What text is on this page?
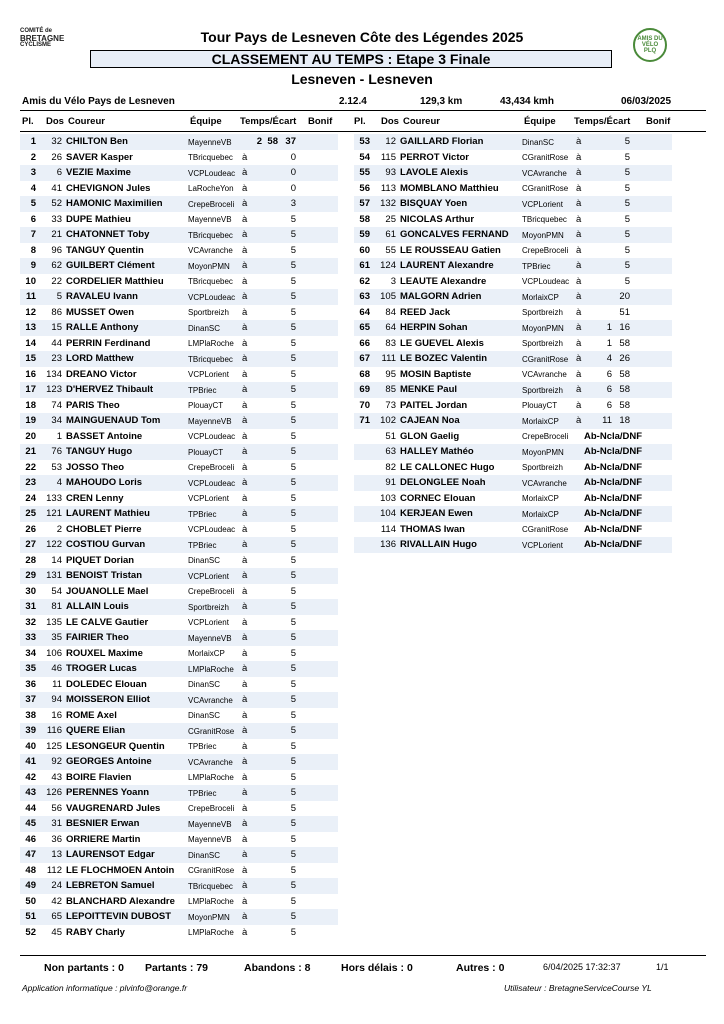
COMITÉ de
BRETAGNE
CYCLISME
AMIS DU VÉLO PLQ
Tour Pays de Lesneven Côte des Légendes 2025
CLASSEMENT AU TEMPS : Etape 3 Finale
Lesneven - Lesneven
Amis du Vélo Pays de Lesneven	2.12.4	129,3 km	43,434 kmh	06/03/2025
Pl. Dos Coureur	Équipe Temps/Écart Bonif Pl. Dos Coureur	Équipe Temps/Écart Bonif
1	32 CHILTON Ben	MayenneVB	2 58 37
2	26 SAVER Kasper	TBricquebec à	0
3	6 VEZIE Maxime	VCPLoudeac à	0
4	41 CHEVIGNON Jules	LaRocheYon à	0
5	52 HAMONIC Maximilien	CrepeBroceli à	3
6	33 DUPE Mathieu	MayenneVB à	5
7	21 CHATONNET Toby	TBricquebec à	5
8	96 TANGUY Quentin	VCAvranche à	5
9	62 GUILBERT Clément	MoyonPMN à	5
10	22 CORDELIER Matthieu	TBricquebec à	5
11	5 RAVALEU Ivann	VCPLoudeac à	5
12	86 MUSSET Owen	Sportbreizh à	5
13	15 RALLE Anthony	DinanSC à	5
14	44 PERRIN Ferdinand	LMPlaRoche à	5
15	23 LORD Matthew	TBricquebec à	5
16	134 DREANO Victor	VCPLorient à	5
17	123 D'HERVEZ Thibault	TPBriec	à	5
18	74 PARIS Theo	PlouayCT à	5
19	34 MAINGUENAUD Tom	MayenneVB à	5
20	1 BASSET Antoine	VCPLoudeac à	5
21	76 TANGUY Hugo	PlouayCT à	5
22	53 JOSSO Theo	CrepeBroceli à	5
23	4 MAHOUDO Loris	VCPLoudeac à	5
24	133 CREN Lenny	VCPLorient à	5
25	121 LAURENT Mathieu	TPBriec	à	5
26	2 CHOBLET Pierre	VCPLoudeac à	5
27	122 COSTIOU Gurvan	TPBriec	à	5
28	14 PIQUET Dorian	DinanSC à	5
29	131 BENOIST Tristan	VCPLorient à	5
30	54 JOUANOLLE Mael	CrepeBroceli à	5
31	81 ALLAIN Louis	Sportbreizh à	5
32	135 LE CALVE Gautier	VCPLorient à	5
33	35 FAIRIER Theo	MayenneVB à	5
34	106 ROUXEL Maxime	MorlaixCP à	5
35	46 TROGER Lucas	LMPlaRoche à	5
36	11 DOLEDEC Elouan	DinanSC à	5
37	94 MOISSERON Elliot	VCAvranche à	5
38	16 ROME Axel	DinanSC à	5
39	116 QUERE Elian	CGranitRose à	5
40	125 LESONGEUR Quentin	TPBriec	à	5
41	92 GEORGES Antoine	VCAvranche à	5
42	43 BOIRE Flavien	LMPlaRoche à	5
43	126 PERENNES Yoann	TPBriec	à	5
44	56 VAUGRENARD Jules	CrepeBroceli à	5
45	31 BESNIER Erwan	MayenneVB à	5
46	36 ORRIERE Martin	MayenneVB à	5
47	13 LAURENSOT Edgar	DinanSC à	5
48	112 LE FLOCHMOEN Antoin CGranitRose à	5
49	24 LEBRETON Samuel	TBricquebec à	5
50	42 BLANCHARD Alexandre LMPlaRoche à	5
51	65 LEPOITTEVIN DUBOST MoyonPMN à	5
52	45 RABY Charly	LMPlaRoche à	5
53	12 GAILLARD Florian	DinanSC à	5
54	115 PERROT Victor	CGranitRose à	5
55	93 LAVOLE Alexis	VCAvranche à	5
56	113 MOMBLANO Matthieu	CGranitRose à	5
57	132 BISQUAY Yoen	VCPLorient à	5
58	25 NICOLAS Arthur	TBricquebec à	5
59	61 GONCALVES FERNAND MoyonPMN à	5
60	55 LE ROUSSEAU Gatien	CrepeBroceli à	5
61	124 LAURENT Alexandre	TPBriec	à	5
62	3 LEAUTE Alexandre	VCPLoudeac à	5
63	105 MALGORN Adrien	MorlaixCP à	20
64	84 REED Jack	Sportbreizh à	51
65	64 HERPIN Sohan	MoyonPMN à	1 16
66	83 LE GUEVEL Alexis	Sportbreizh à	1 58
67	111 LE BOZEC Valentin	CGranitRose à	4 26
68	95 MOSIN Baptiste	VCAvranche à	6 58
69	85 MENKE Paul	Sportbreizh à	6 58
70	73 PAITEL Jordan	PlouayCT à	6 58
71	102 CAJEAN Noa	MorlaixCP à	11 18
51 GLON Gaelig	CrepeBroceli Ab-Ncla/DNF
63 HALLEY Mathéo	MoyonPMN Ab-Ncla/DNF
82 LE CALLONEC Hugo	Sportbreizh Ab-Ncla/DNF
91 DELONGLEE Noah	VCAvranche Ab-Ncla/DNF
103 CORNEC Elouan	MorlaixCP	Ab-Ncla/DNF
104 KERJEAN Ewen	MorlaixCP	Ab-Ncla/DNF
114 THOMAS Iwan	CGranitRose Ab-Ncla/DNF
136 RIVALLAIN Hugo	VCPLorient Ab-Ncla/DNF
Non partants : 0 Partants : 79	Abandons : 8	Hors délais : 0	Autres : 0	6/04/2025 17:32:37	1/1
Application informatique : plvinfo@orange.fr	Utilisateur : BretagneServiceCourse YL
